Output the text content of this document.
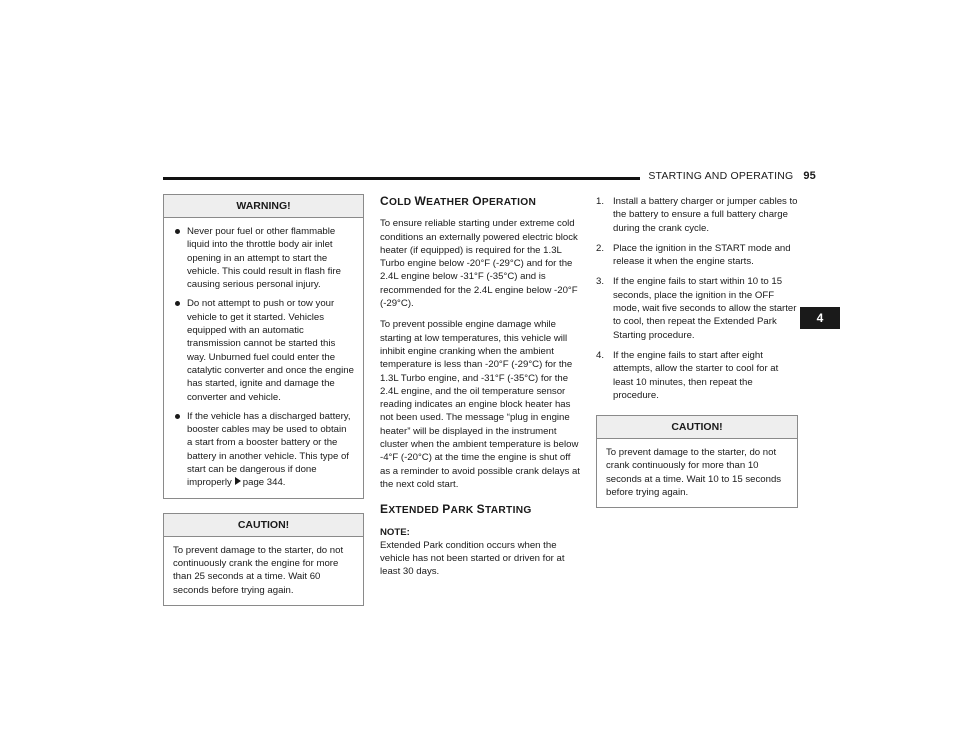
STARTING AND OPERATING 95
4
WARNING!
Never pour fuel or other flammable liquid into the throttle body air inlet opening in an attempt to start the vehicle. This could result in flash fire causing serious personal injury.
Do not attempt to push or tow your vehicle to get it started. Vehicles equipped with an automatic transmission cannot be started this way. Unburned fuel could enter the catalytic converter and once the engine has started, ignite and damage the converter and vehicle.
If the vehicle has a discharged battery, booster cables may be used to obtain a start from a booster battery or the battery in another vehicle. This type of start can be dangerous if done improperly page 344.
CAUTION!
To prevent damage to the starter, do not continuously crank the engine for more than 25 seconds at a time. Wait 60 seconds before trying again.
COLD WEATHER OPERATION

To ensure reliable starting under extreme cold conditions an externally powered electric block heater (if equipped) is required for the 1.3L Turbo engine below -20°F (-29°C) and for the 2.4L engine below -31°F (-35°C) and is recommended for the 2.4L engine below -20°F (-29°C).

To prevent possible engine damage while starting at low temperatures, this vehicle will inhibit engine cranking when the ambient temperature is less than -20°F (-29°C) for the 1.3L Turbo engine, and -31°F (-35°C) for the 2.4L engine, and the oil temperature sensor reading indicates an engine block heater has not been used. The message “plug in engine heater” will be displayed in the instrument cluster when the ambient temperature is below -4°F (-20°C) at the time the engine is shut off as a reminder to avoid possible crank delays at the next cold start.

EXTENDED PARK STARTING

NOTE:
Extended Park condition occurs when the vehicle has not been started or driven for at least 30 days.

1. Install a battery charger or jumper cables to the battery to ensure a full battery charge during the crank cycle.
2. Place the ignition in the START mode and release it when the engine starts.
3. If the engine fails to start within 10 to 15 seconds, place the ignition in the OFF mode, wait five seconds to allow the starter to cool, then repeat the Extended Park Starting procedure.
4. If the engine fails to start after eight attempts, allow the starter to cool for at least 10 minutes, then repeat the procedure.
CAUTION!
To prevent damage to the starter, do not crank continuously for more than 10 seconds at a time. Wait 10 to 15 seconds before trying again.
